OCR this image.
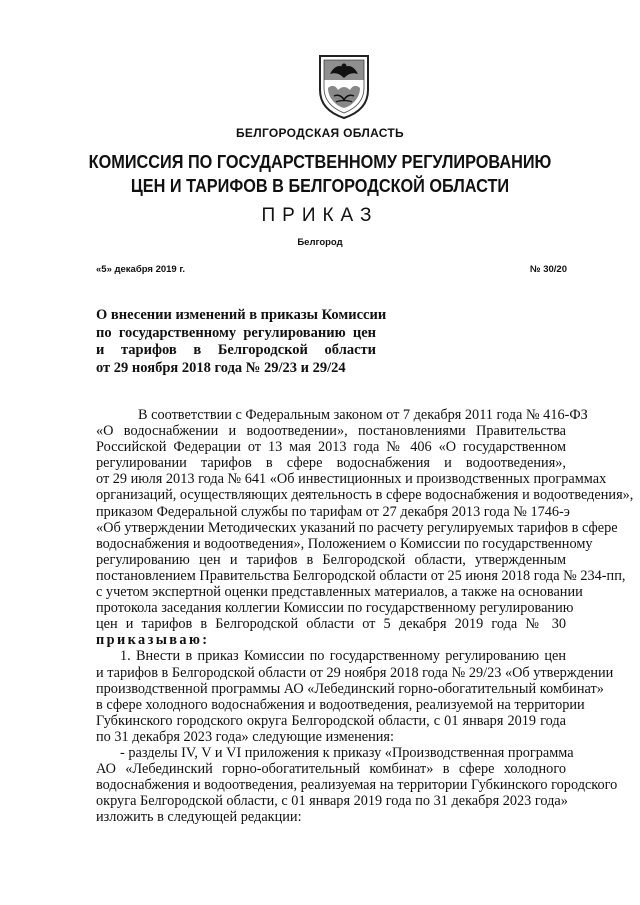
БЕЛГОРОДСКАЯ ОБЛАСТЬ
КОМИССИЯ ПО ГОСУДАРСТВЕННОМУ РЕГУЛИРОВАНИЮ
ЦЕН И ТАРИФОВ В БЕЛГОРОДСКОЙ ОБЛАСТИ
ПРИКАЗ
Белгород
«5» декабря 2019 г.	№ 30/20
О внесении изменений в приказы Комиссии
по государственному регулированию цен
и тарифов в Белгородской области
от 29 ноября 2018 года № 29/23 и 29/24
В соответствии с Федеральным законом от 7 декабря 2011 года № 416-ФЗ
«О водоснабжении и водоотведении», постановлениями Правительства
Российской Федерации от 13 мая 2013 года № 406 «О государственном
регулировании тарифов в сфере водоснабжения и водоотведения»,
от 29 июля 2013 года № 641 «Об инвестиционных и производственных программах
организаций, осуществляющих деятельность в сфере водоснабжения и водоотведения»,
приказом Федеральной службы по тарифам от 27 декабря 2013 года № 1746-э
«Об утверждении Методических указаний по расчету регулируемых тарифов в сфере
водоснабжения и водоотведения», Положением о Комиссии по государственному
регулированию цен и тарифов в Белгородской области, утвержденным
постановлением Правительства Белгородской области от 25 июня 2018 года № 234-пп,
с учетом экспертной оценки представленных материалов, а также на основании
протокола заседания коллегии Комиссии по государственному регулированию
цен и тарифов в Белгородской области от 5 декабря 2019 года № 30
приказываю:
1. Внести в приказ Комиссии по государственному регулированию цен
и тарифов в Белгородской области от 29 ноября 2018 года № 29/23 «Об утверждении
производственной программы АО «Лебединский горно-обогатительный комбинат»
в сфере холодного водоснабжения и водоотведения, реализуемой на территории
Губкинского городского округа Белгородской области, с 01 января 2019 года
по 31 декабря 2023 года» следующие изменения:
- разделы IV, V и VI приложения к приказу «Производственная программа
АО «Лебединский горно-обогатительный комбинат» в сфере холодного
водоснабжения и водоотведения, реализуемая на территории Губкинского городского
округа Белгородской области, с 01 января 2019 года по 31 декабря 2023 года»
изложить в следующей редакции:
